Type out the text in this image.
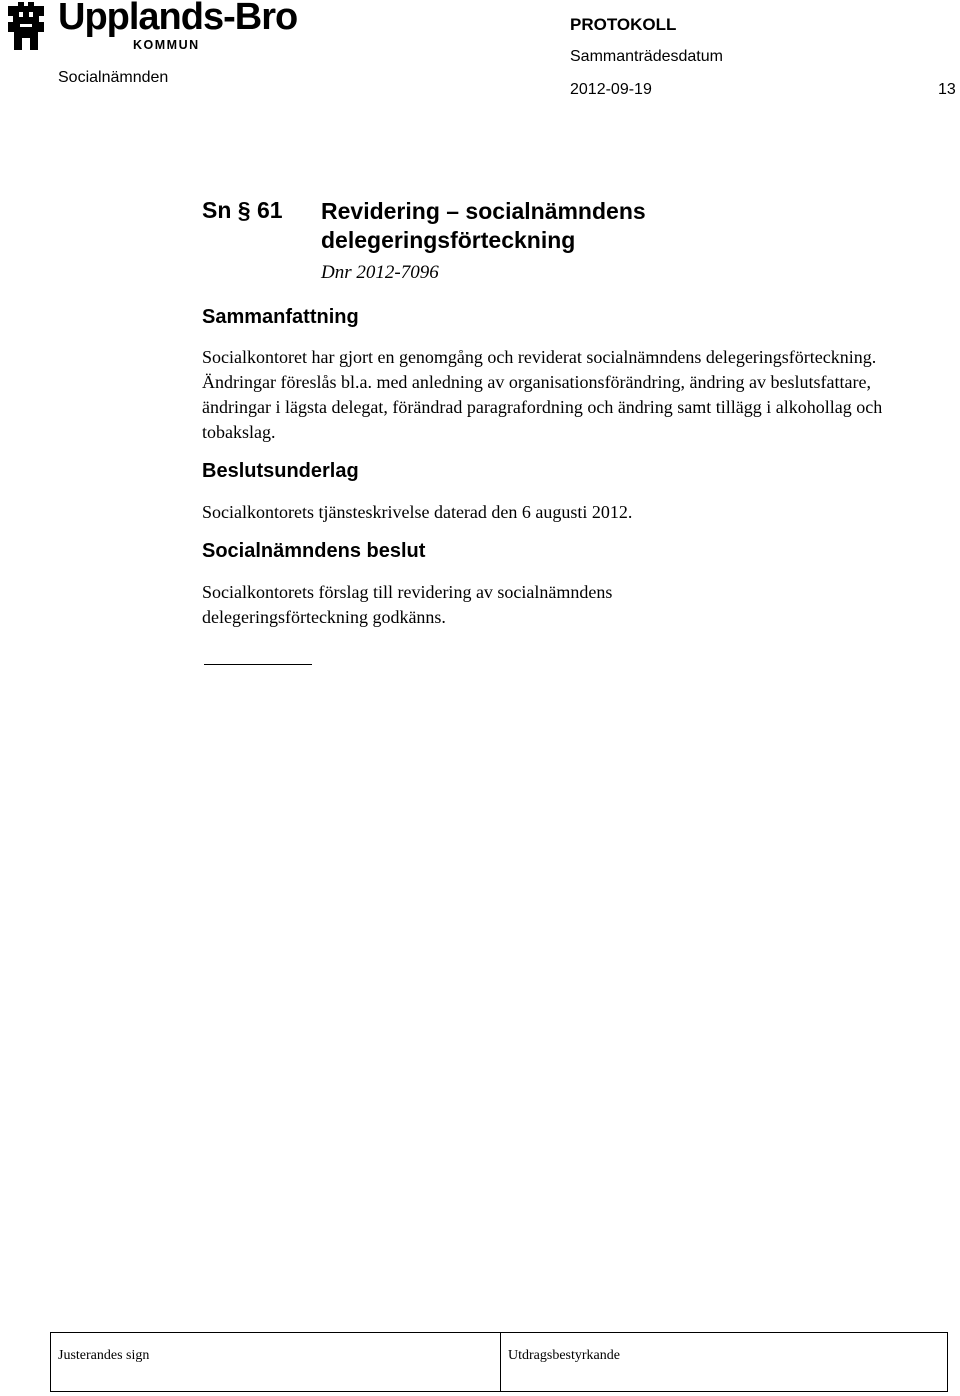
Upplands-Bro
KOMMUN
Socialnämnden
PROTOKOLL
Sammanträdesdatum
2012-09-19	13
Sn § 61 Revidering – socialnämndens delegeringsförteckning
Dnr 2012-7096
Sammanfattning
Socialkontoret har gjort en genomgång och reviderat socialnämndens delegeringsförteckning. Ändringar föreslås bl.a. med anledning av organisationsförändring, ändring av beslutsfattare, ändringar i lägsta delegat, förändrad paragrafordning och ändring samt tillägg i alkohollag och tobakslag.
Beslutsunderlag
Socialkontorets tjänsteskrivelse daterad den 6 augusti 2012.
Socialnämndens beslut
Socialkontorets förslag till revidering av socialnämndens delegeringsförteckning godkänns.
Justerandes sign	Utdragsbestyrkande
